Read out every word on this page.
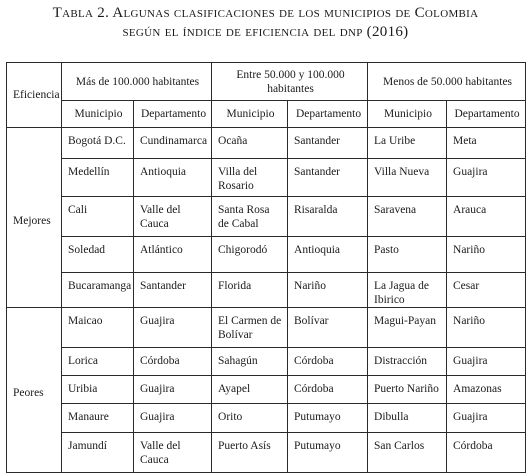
Tabla 2. Algunas clasificaciones de los municipios de Colombia
según el índice de eficiencia del dnp (2016)
Eficiencia	Más de 100.000 habitantes		Entre 50.000 y 100.000 habitantes		Menos de 50.000 habitantes	
	Municipio	Departamento	Municipio	Departamento	Municipio	Departamento
Mejores	Bogotá D.C.	Cundinamarca	Ocaña	Santander	La Uribe	Meta
	Medellín	Antioquia	Villa del Rosario	Santander	Villa Nueva	Guajira
	Cali	Valle del Cauca	Santa Rosa de Cabal	Risaralda	Saravena	Arauca
	Soledad	Atlántico	Chigorodó	Antioquia	Pasto	Nariño
	Bucaramanga	Santander	Florida	Nariño	La Jagua de Ibirico	Cesar
Peores	Maicao	Guajira	El Carmen de Bolívar	Bolívar	Magui-Payan	Nariño
	Lorica	Córdoba	Sahagún	Córdoba	Distracción	Guajira
	Uribia	Guajira	Ayapel	Córdoba	Puerto Nariño	Amazonas
	Manaure	Guajira	Orito	Putumayo	Dibulla	Guajira
	Jamundí	Valle del Cauca	Puerto Asís	Putumayo	San Carlos	Córdoba
